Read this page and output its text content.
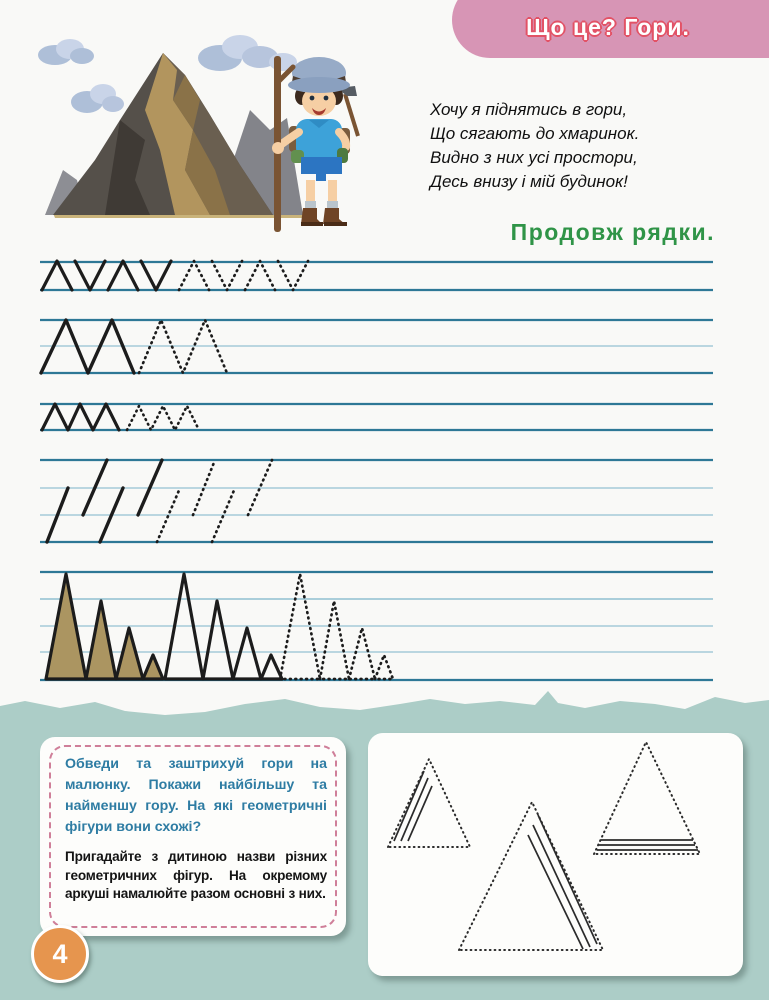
Що це? Гори.
Хочу я піднятись в гори,
Що сягають до хмаринок.
Видно з них усі простори,
Десь внизу і мій будинок!
Продовж рядки.

Обведи та заштрихуй гори на малюнку. Покажи найбільшу та найменшу гору. На які геометричні фігури вони схожі?

Пригадайте з дитиною назви різних геометричних фігур. На окремому аркуші намалюйте разом основні з них.

4
